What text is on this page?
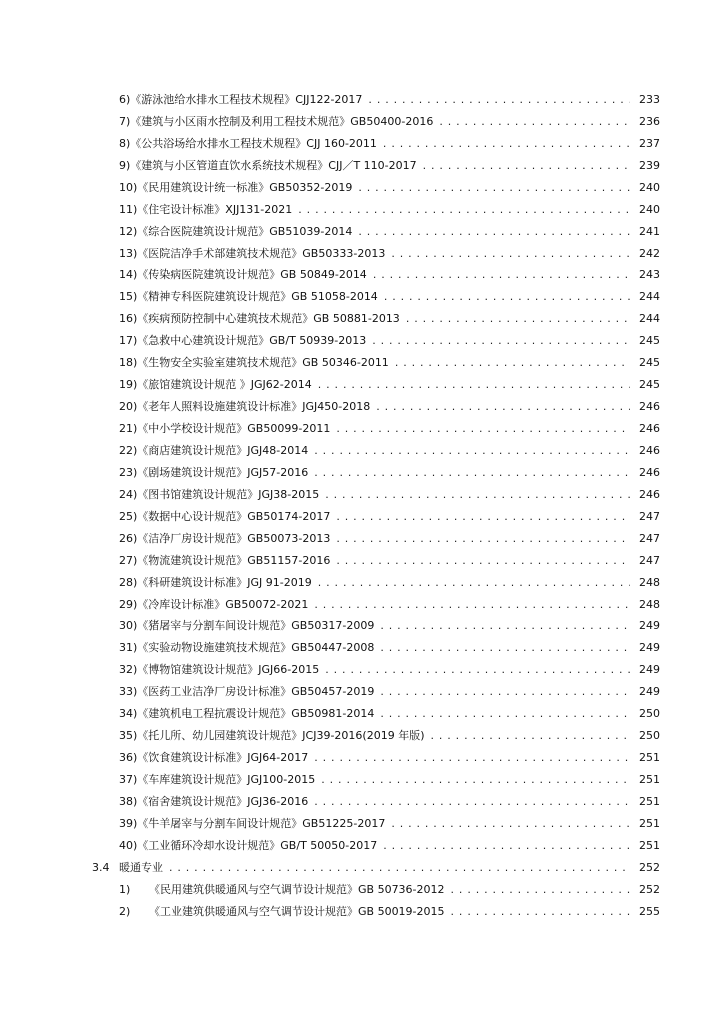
6)《游泳池给水排水工程技术规程》CJJ122-2017 . . .	233
7)《建筑与小区雨水控制及利用工程技术规范》GB50400-2016 . . .	236
8)《公共浴场给水排水工程技术规程》CJJ 160-2011 . . .	237
9)《建筑与小区管道直饮水系统技术规程》CJJ／T 110-2017 . . .	239
10)《民用建筑设计统一标准》GB50352-2019 . . .	240
11)《住宅设计标准》XJJ131-2021 . . .	240
12)《综合医院建筑设计规范》GB51039-2014 . . .	241
13)《医院洁净手术部建筑技术规范》GB50333-2013 . . .	242
14)《传染病医院建筑设计规范》GB 50849-2014 . . .	243
15)《精神专科医院建筑设计规范》GB 51058-2014 . . .	244
16)《疾病预防控制中心建筑技术规范》GB 50881-2013 . . .	244
17)《急救中心建筑设计规范》GB/T 50939-2013 . . .	245
18)《生物安全实验室建筑技术规范》GB 50346-2011 . . .	245
19)《旅馆建筑设计规范 》JGJ62-2014 . . .	245
20)《老年人照料设施建筑设计标准》JGJ450-2018 . . .	246
21)《中小学校设计规范》GB50099-2011 . . .	246
22)《商店建筑设计规范》JGJ48-2014 . . .	246
23)《剧场建筑设计规范》JGJ57-2016 . . .	246
24)《图书馆建筑设计规范》JGJ38-2015 . . .	246
25)《数据中心设计规范》GB50174-2017 . . .	247
26)《洁净厂房设计规范》GB50073-2013 . . .	247
27)《物流建筑设计规范》GB51157-2016 . . .	247
28)《科研建筑设计标准》JGJ 91-2019 . . .	248
29)《冷库设计标准》GB50072-2021 . . .	248
30)《猪屠宰与分割车间设计规范》GB50317-2009 . . .	249
31)《实验动物设施建筑技术规范》GB50447-2008 . . .	249
32)《博物馆建筑设计规范》JGJ66-2015 . . .	249
33)《医药工业洁净厂房设计标准》GB50457-2019 . . .	249
34)《建筑机电工程抗震设计规范》GB50981-2014 . . .	250
35)《托儿所、幼儿园建筑设计规范》JCJ39-2016(2019 年版) . . .	250
36)《饮食建筑设计标准》JGJ64-2017 . . .	251
37)《车库建筑设计规范》JGJ100-2015 . . .	251
38)《宿舍建筑设计规范》JGJ36-2016 . . .	251
39)《牛羊屠宰与分割车间设计规范》GB51225-2017 . . .	251
40)《工业循环冷却水设计规范》GB/T 50050-2017 . . .	251
3.4 暖通专业 . . .	252
1) 《民用建筑供暖通风与空气调节设计规范》GB 50736-2012 . . .	252
2) 《工业建筑供暖通风与空气调节设计规范》GB 50019-2015 . . .	255
